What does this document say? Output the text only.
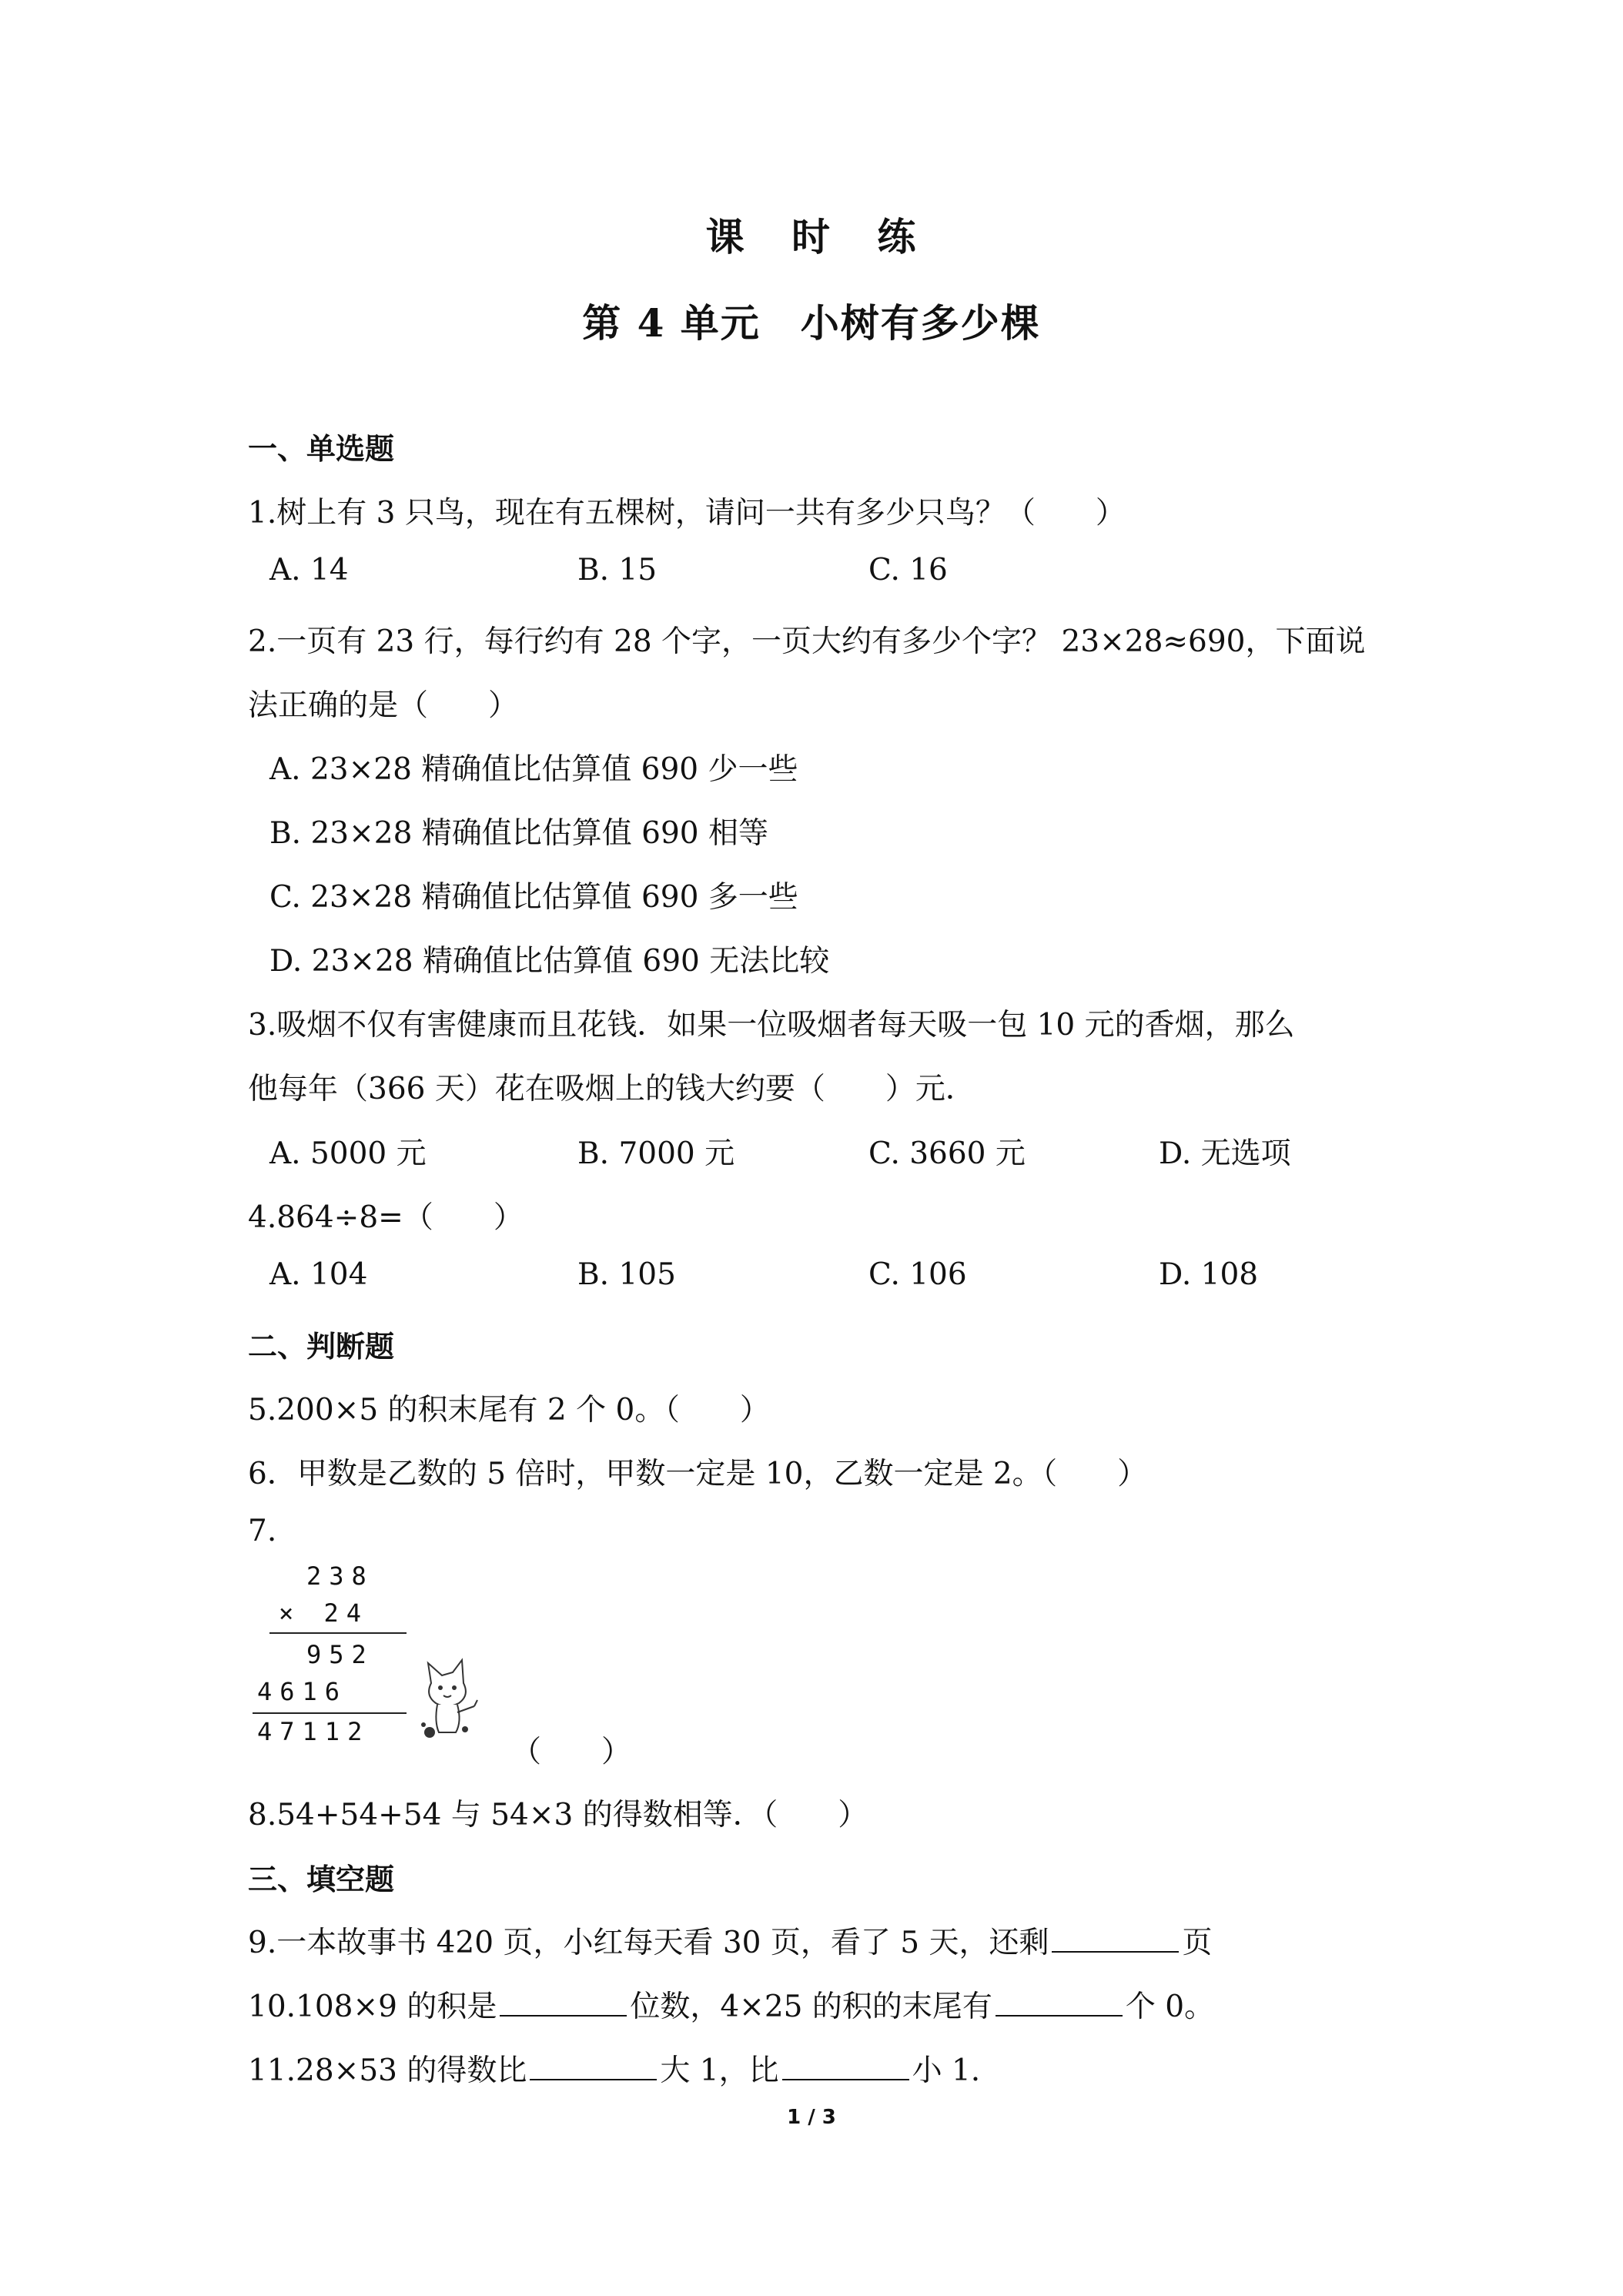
课 时 练
第 4 单元　小树有多少棵
一、单选题
1.树上有 3 只鸟，现在有五棵树，请问一共有多少只鸟？（　　）
A. 14	B. 15	C. 16
2.一页有 23 行，每行约有 28 个字，一页大约有多少个字？ 23×28≈690，下面说
法正确的是（　　）
A. 23×28 精确值比估算值 690 少一些
B. 23×28 精确值比估算值 690 相等
C. 23×28 精确值比估算值 690 多一些
D. 23×28 精确值比估算值 690 无法比较
3.吸烟不仅有害健康而且花钱．如果一位吸烟者每天吸一包 10 元的香烟，那么
他每年（366 天）花在吸烟上的钱大约要（　　）元．
A. 5000 元	B. 7000 元	C. 3660 元	D. 无选项
4.864÷8=（　　）
A. 104	B. 105	C. 106	D. 108
二、判断题
5.200×5 的积末尾有 2 个 0。（　　）
6．甲数是乙数的 5 倍时，甲数一定是 10，乙数一定是 2。（　　）
7.
238
× 24
952
4616
47112
（　　）
8.54+54+54 与 54×3 的得数相等．（　　）
三、填空题
9.一本故事书 420 页，小红每天看 30 页，看了 5 天，还剩	页
10.108×9 的积是	位数，4×25 的积的末尾有	个 0。
11.28×53 的得数比	大 1，比	小 1.
1 / 3
